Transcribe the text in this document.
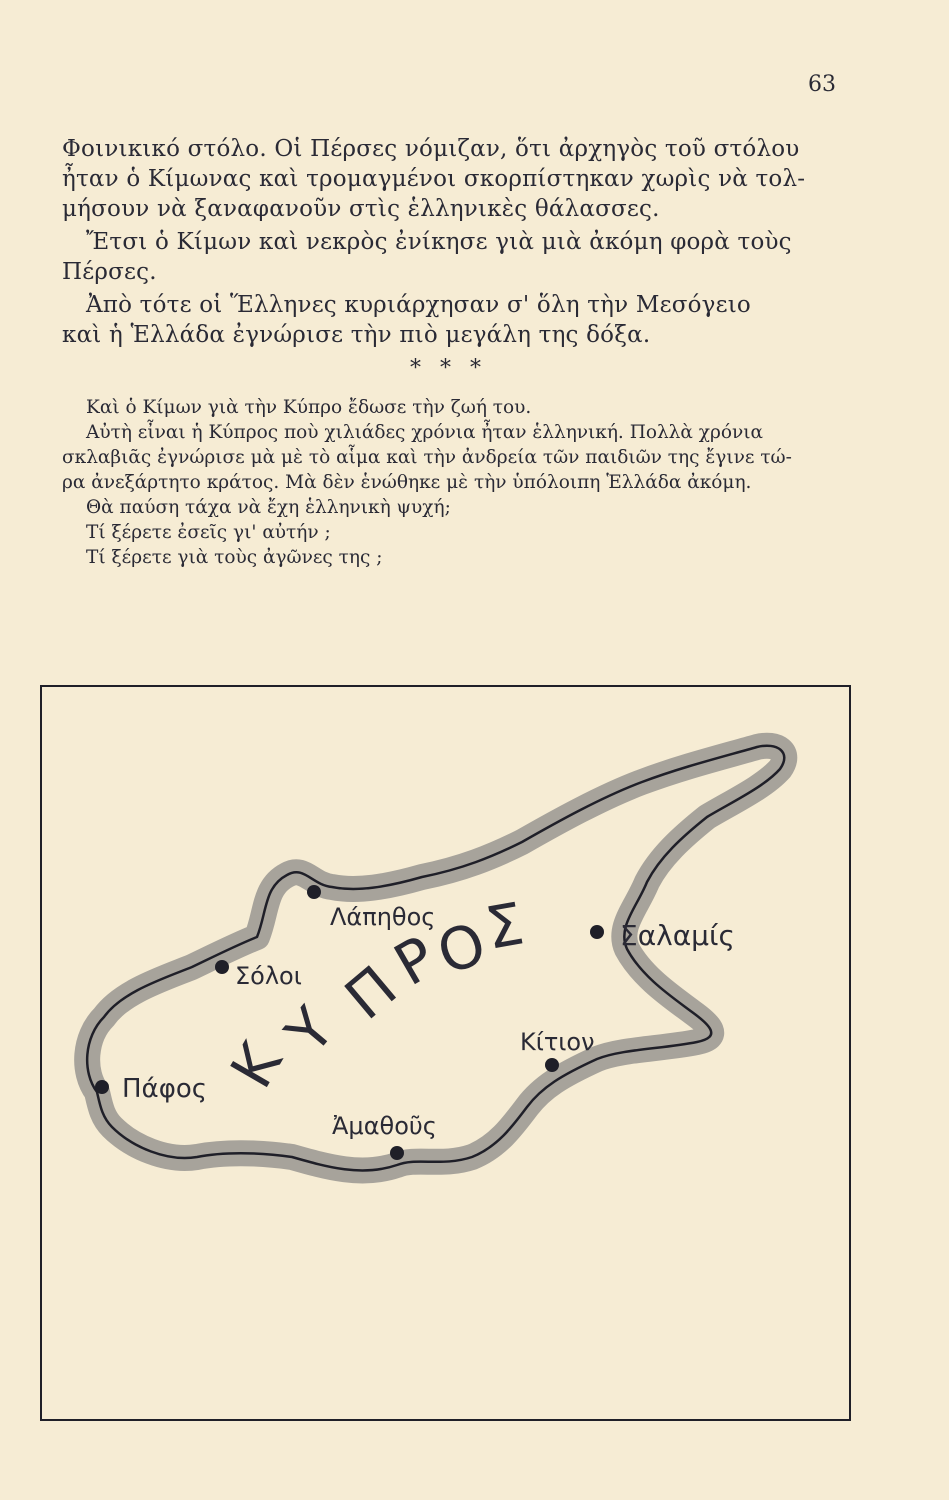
63
Φοινικικό στόλο. Οἱ Πέρσες νόμιζαν, ὅτι ἀρχηγὸς τοῦ στόλου
ἦταν ὁ Κίμωνας καὶ τρομαγμένοι σκορπίστηκαν χωρὶς νὰ τολ-
μήσουν νὰ ξαναφανοῦν στὶς ἑλληνικὲς θάλασσες.
Ἔτσι ὁ Κίμων καὶ νεκρὸς ἐνίκησε γιὰ μιὰ ἀκόμη φορὰ τοὺς
Πέρσες.
Ἀπὸ τότε οἱ Ἕλληνες κυριάρχησαν σ' ὅλη τὴν Μεσόγειο
καὶ ἡ Ἑλλάδα ἐγνώρισε τὴν πιὸ μεγάλη της δόξα.
* * *
Καὶ ὁ Κίμων γιὰ τὴν Κύπρο ἔδωσε τὴν ζωή του.
Αὐτὴ εἶναι ἡ Κύπρος ποὺ χιλιάδες χρόνια ἦταν ἑλληνική. Πολλὰ χρόνια
σκλαβιᾶς ἐγνώρισε μὰ μὲ τὸ αἷμα καὶ τὴν ἀνδρεία τῶν παιδιῶν της ἔγινε τώ-
ρα ἀνεξάρτητο κράτος. Μὰ δὲν ἑνώθηκε μὲ τὴν ὑπόλοιπη Ἑλλάδα ἀκόμη.
Θὰ παύση τάχα νὰ ἔχη ἑλληνικὴ ψυχή;
Τί ξέρετε ἐσεῖς γι' αὐτήν ;
Τί ξέρετε γιὰ τοὺς ἀγῶνες της ;
Κ
Υ
Π
Ρ
Ο
Σ
Λάπηθος
Σόλοι
Σαλαμίς
Κίτιον
Πάφος
Ἀμαθοῦς
